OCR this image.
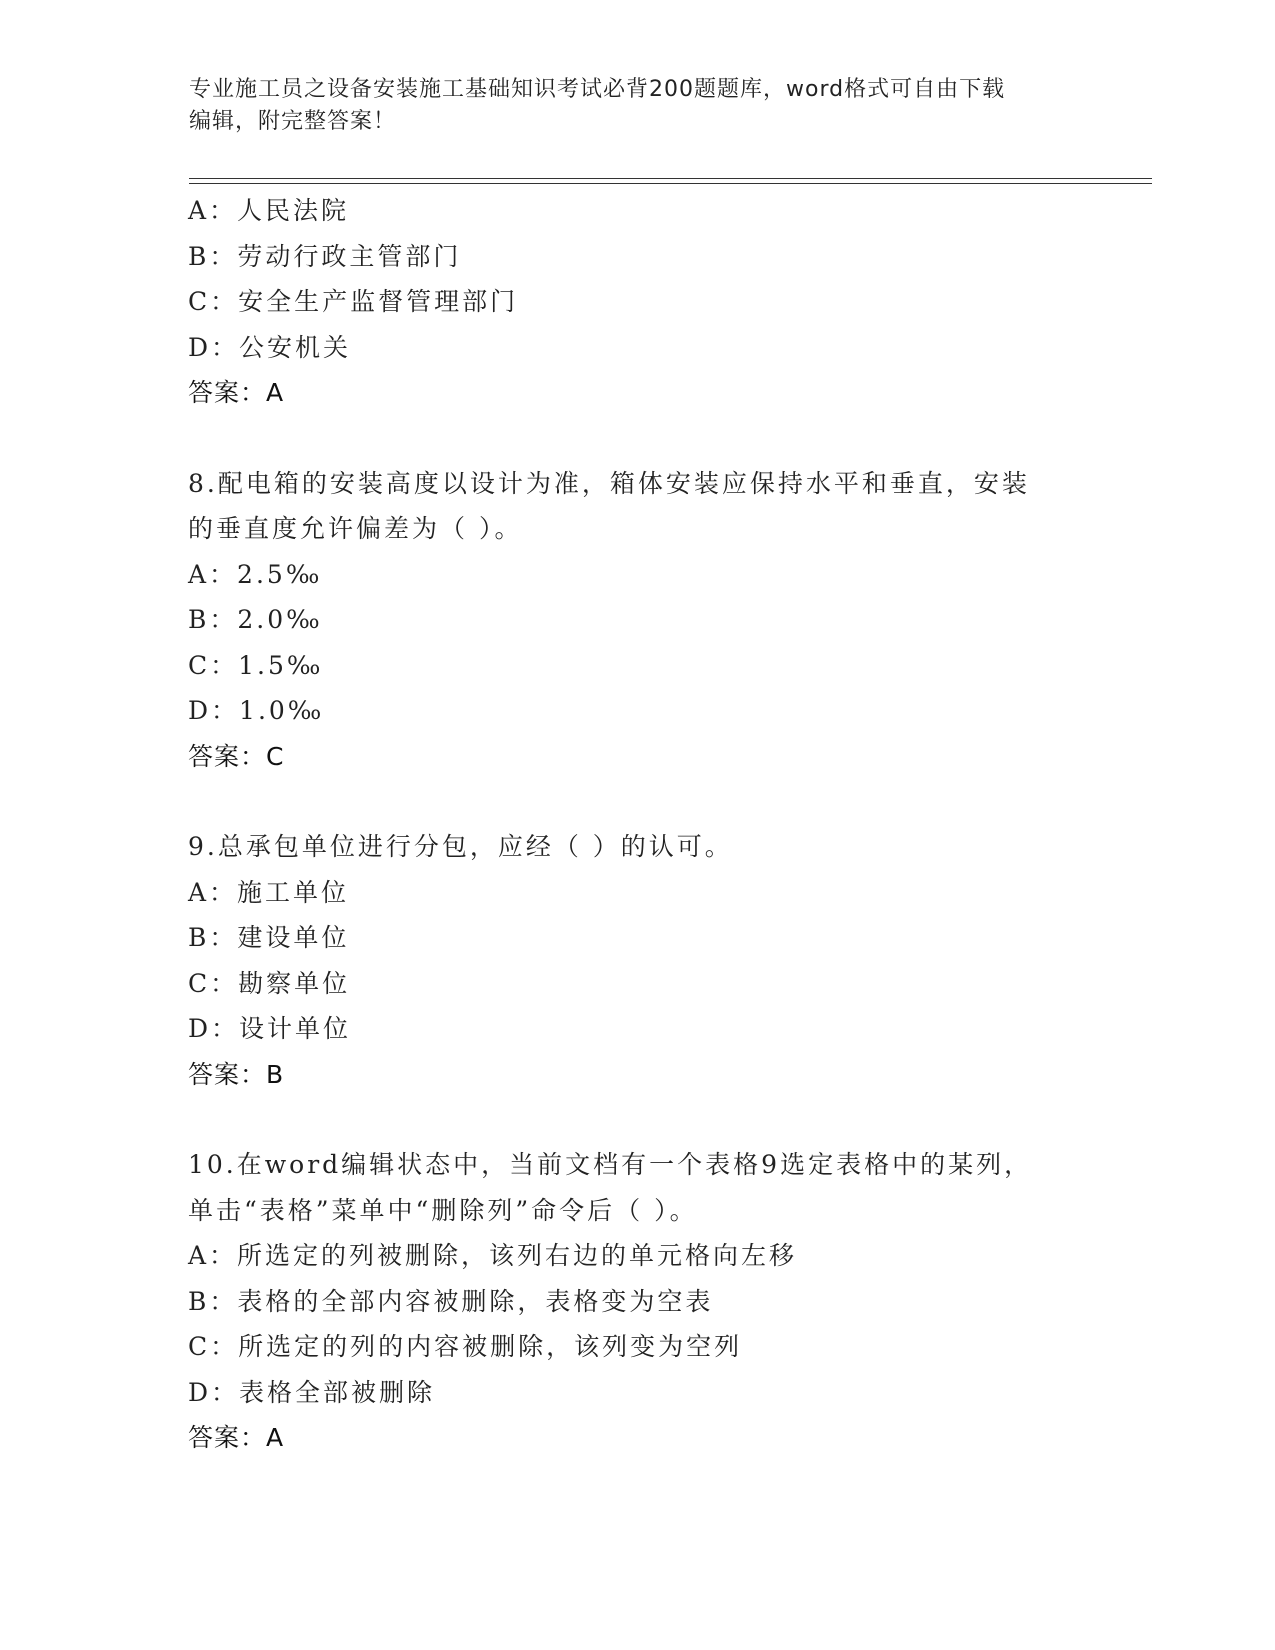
专业施工员之设备安装施工基础知识考试必背200题题库，word格式可自由下载
编辑，附完整答案！
A：人民法院
B：劳动行政主管部门
C：安全生产监督管理部门
D：公安机关
答案：A
8.配电箱的安装高度以设计为准，箱体安装应保持水平和垂直，安装
的垂直度允许偏差为（ ）。
A：2.5‰
B：2.0‰
C：1.5‰
D：1.0‰
答案：C
9.总承包单位进行分包，应经（ ）的认可。
A：施工单位
B：建设单位
C：勘察单位
D：设计单位
答案：B
10.在word编辑状态中，当前文档有一个表格9选定表格中的某列，
单击“表格”菜单中“删除列”命令后（ ）。
A：所选定的列被删除，该列右边的单元格向左移
B：表格的全部内容被删除，表格变为空表
C：所选定的列的内容被删除，该列变为空列
D：表格全部被删除
答案：A
